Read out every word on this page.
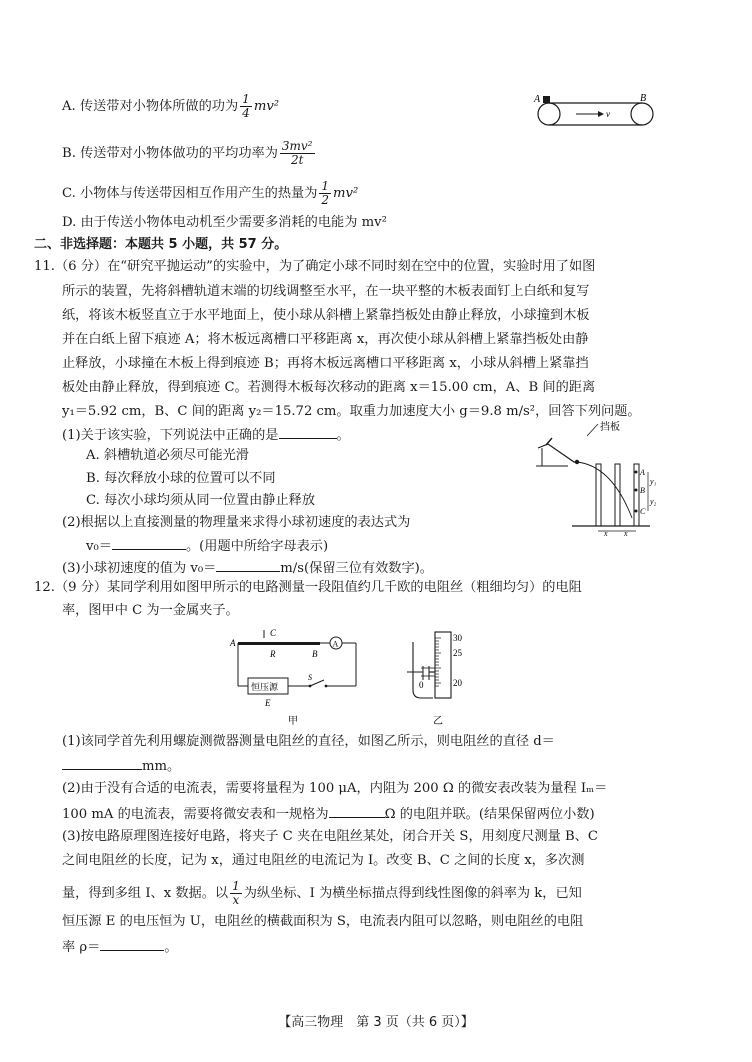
A. 传送带对小物体所做的功为 $\frac{1}{4} mv^2$
B. 传送带对小物体做功的平均功率为 $\frac{\text{3mv²}}{2t}$
C. 小物体与传送带因相互作用产生的热量为 $\frac{1}{2} mv^2$
D. 由于传送小物体电动机至少需要多消耗的电能为 mv²
A	B
v
二、非选择题：本题共 5 小题，共 57 分。
11.（6 分）在“研究平抛运动”的实验中，为了确定小球不同时刻在空中的位置，实验时用了如图
所示的装置，先将斜槽轨道末端的切线调整至水平，在一块平整的木板表面钉上白纸和复写
纸，将该木板竖直立于水平地面上，使小球从斜槽上紧靠挡板处由静止释放，小球撞到木板
并在白纸上留下痕迹 A；将木板远离槽口平移距离 x，再次使小球从斜槽上紧靠挡板处由静
止释放，小球撞在木板上得到痕迹 B；再将木板远离槽口平移距离 x，小球从斜槽上紧靠挡
板处由静止释放，得到痕迹 C。若测得木板每次移动的距离 x＝15.00 cm，A、B 间的距离
y₁＝5.92 cm，B、C 间的距离 y₂＝15.72 cm。取重力加速度大小 g＝9.8 m/s²，回答下列问题。
(1)关于该实验，下列说法中正确的是	。
A. 斜槽轨道必须尽可能光滑
B. 每次释放小球的位置可以不同
C. 每次小球均须从同一位置由静止释放
(2)根据以上直接测量的物理量来求得小球初速度的表达式为
v₀＝	。(用题中所给字母表示)
(3)小球初速度的值为 v₀＝	m/s(保留三位有效数字)。
挡板
A
B
C
y₁
y₂
x x
12.（9 分）某同学利用如图甲所示的电路测量一段阻值约几千欧的电阻丝（粗细均匀）的电阻
率，图甲中 C 为一金属夹子。
A
C
A
R	B
恒压源
S
E
甲
30
25
20
0
乙
(1)该同学首先利用螺旋测微器测量电阻丝的直径，如图乙所示，则电阻丝的直径 d＝
mm。
(2)由于没有合适的电流表，需要将量程为 100 μA，内阻为 200 Ω 的微安表改装为量程 Iₘ＝
100 mA 的电流表，需要将微安表和一规格为	Ω 的电阻并联。(结果保留两位小数)
(3)按电路原理图连接好电路，将夹子 C 夹在电阻丝某处，闭合开关 S，用刻度尺测量 B、C
之间电阻丝的长度，记为 x，通过电阻丝的电流记为 I。改变 B、C 之间的长度 x，多次测
量，得到多组 I、x 数据。以 $\frac{1}{x}$ 为纵坐标、I 为横坐标描点得到线性图像的斜率为 k，已知
恒压源 E 的电压恒为 U，电阻丝的横截面积为 S，电流表内阻可以忽略，则电阻丝的电阻
率 ρ＝	。
【高三物理　第 3 页（共 6 页）】
